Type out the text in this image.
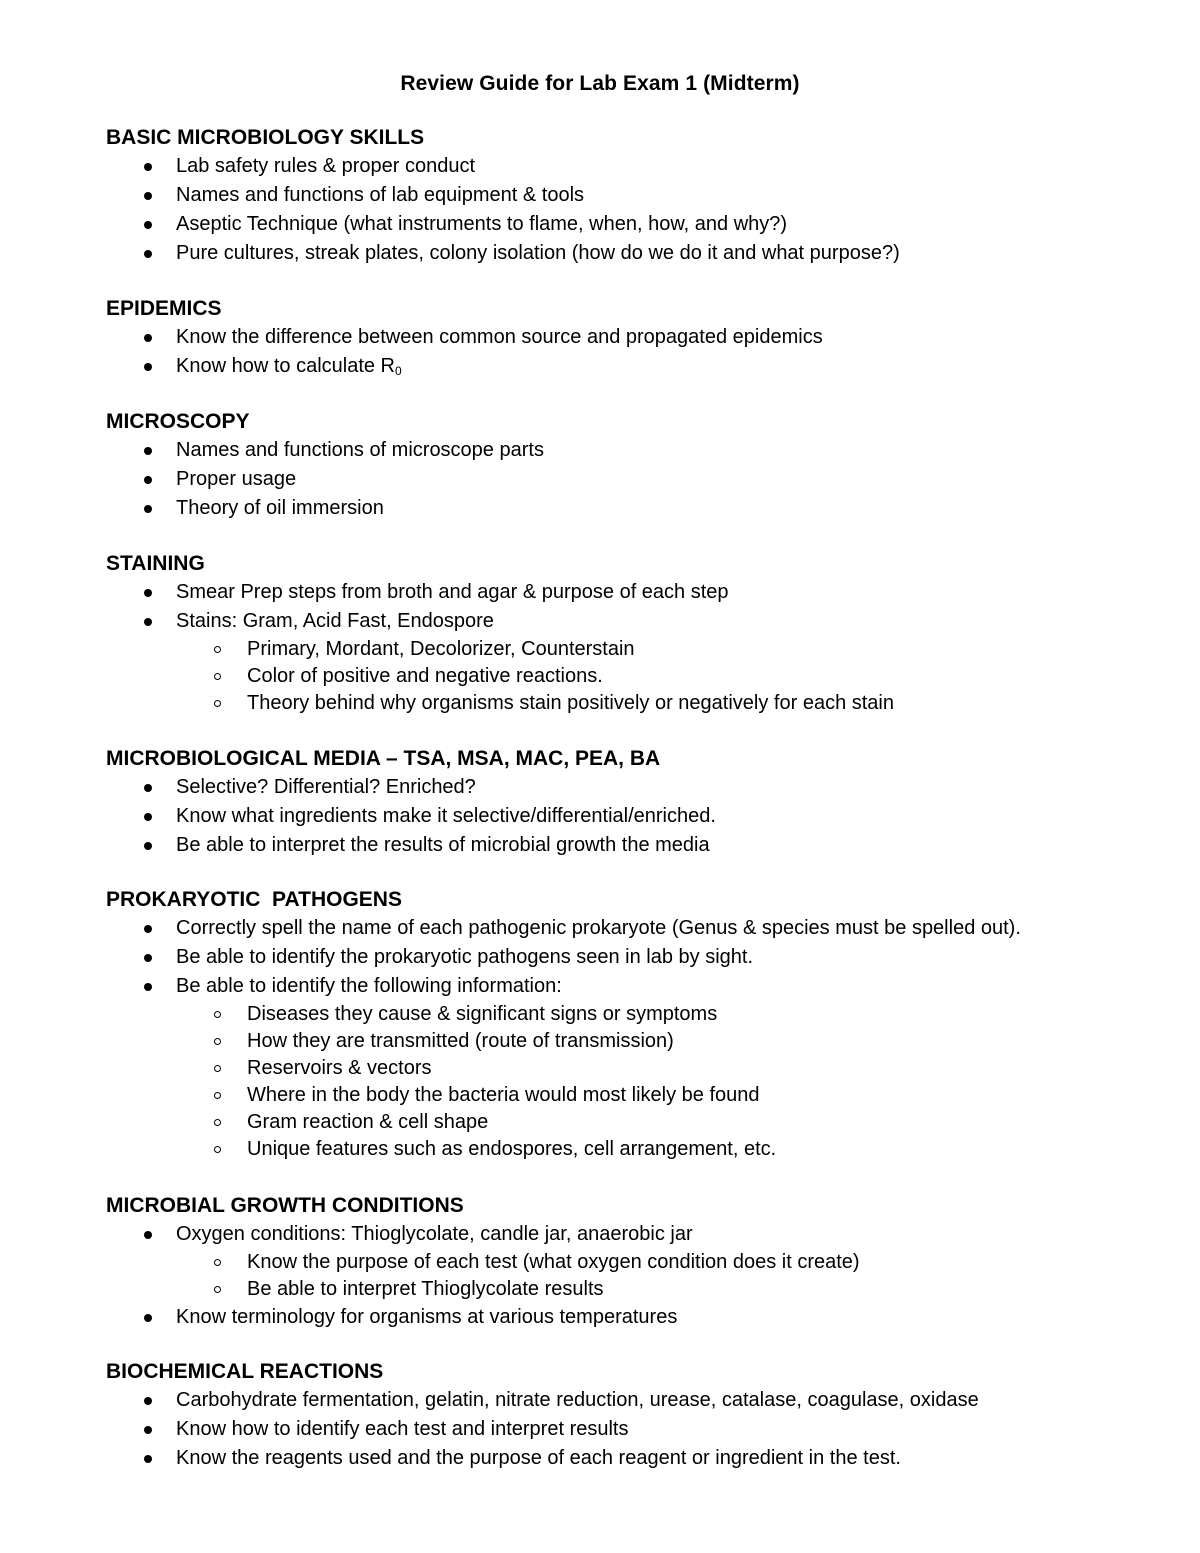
Review Guide for Lab Exam 1 (Midterm)
BASIC MICROBIOLOGY SKILLS
Lab safety rules & proper conduct
Names and functions of lab equipment & tools
Aseptic Technique (what instruments to flame, when, how, and why?)
Pure cultures, streak plates, colony isolation (how do we do it and what purpose?)
EPIDEMICS
Know the difference between common source and propagated epidemics
Know how to calculate $R_0$
MICROSCOPY
Names and functions of microscope parts
Proper usage
Theory of oil immersion
STAINING
Smear Prep steps from broth and agar & purpose of each step
Stains: Gram, Acid Fast, Endospore
Primary, Mordant, Decolorizer, Counterstain
Color of positive and negative reactions.
Theory behind why organisms stain positively or negatively for each stain
MICROBIOLOGICAL MEDIA – TSA, MSA, MAC, PEA, BA
Selective? Differential? Enriched?
Know what ingredients make it selective/differential/enriched.
Be able to interpret the results of microbial growth the media
PROKARYOTIC  PATHOGENS
Correctly spell the name of each pathogenic prokaryote (Genus & species must be spelled out).
Be able to identify the prokaryotic pathogens seen in lab by sight.
Be able to identify the following information:
Diseases they cause & significant signs or symptoms
How they are transmitted (route of transmission)
Reservoirs & vectors
Where in the body the bacteria would most likely be found
Gram reaction & cell shape
Unique features such as endospores, cell arrangement, etc.
MICROBIAL GROWTH CONDITIONS
Oxygen conditions: Thioglycolate, candle jar, anaerobic jar
Know the purpose of each test (what oxygen condition does it create)
Be able to interpret Thioglycolate results
Know terminology for organisms at various temperatures
BIOCHEMICAL REACTIONS
Carbohydrate fermentation, gelatin, nitrate reduction, urease, catalase, coagulase, oxidase
Know how to identify each test and interpret results
Know the reagents used and the purpose of each reagent or ingredient in the test.
